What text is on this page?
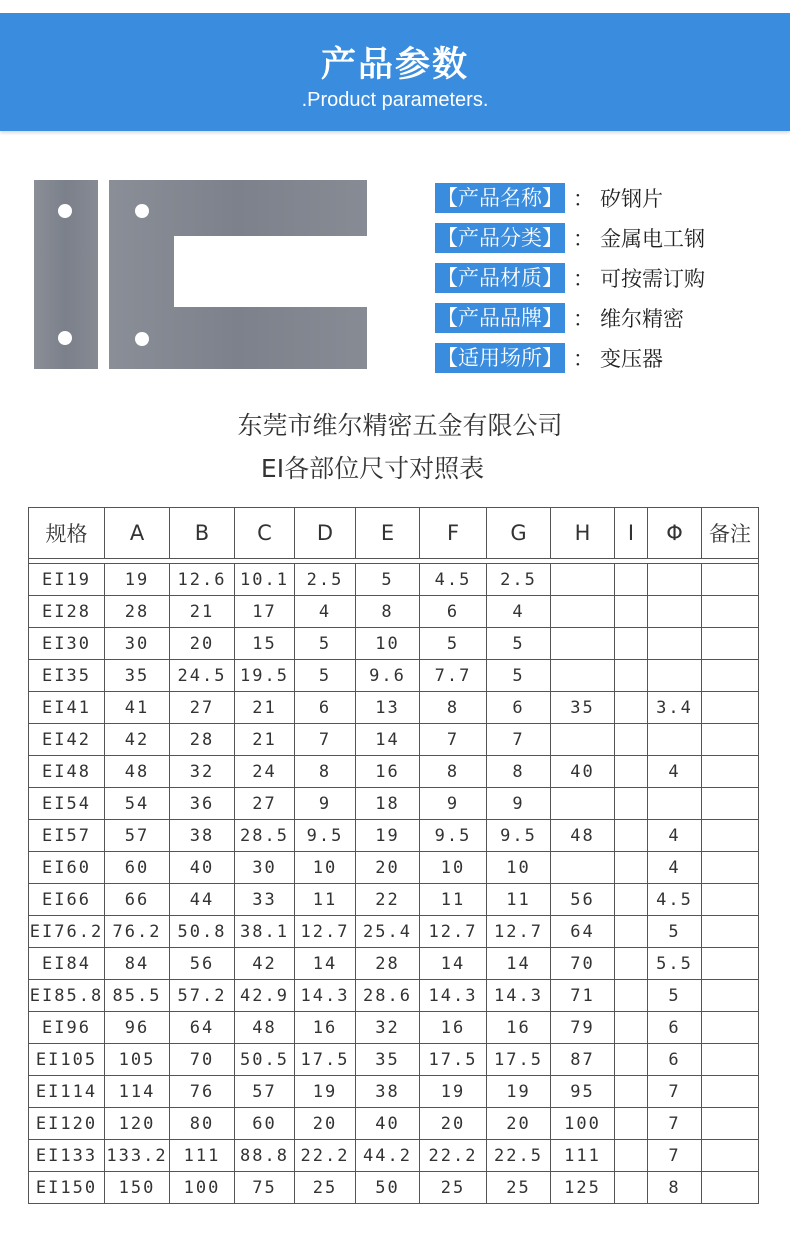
产品参数
.Product parameters.
【产品名称】 ： 矽钢片
【产品分类】 ： 金属电工钢
【产品材质】 ： 可按需订购
【产品品牌】 ： 维尔精密
【适用场所】 ： 变压器
东莞市维尔精密五金有限公司
EI各部位尺寸对照表
规格	A	B	C	D	E	F	G	H	I	Φ	备注

EI19	19	12.6	10.1	2.5	5	4.5	2.5				
EI28	28	21	17	4	8	6	4				
EI30	30	20	15	5	10	5	5				
EI35	35	24.5	19.5	5	9.6	7.7	5				
EI41	41	27	21	6	13	8	6	35		3.4	
EI42	42	28	21	7	14	7	7				
EI48	48	32	24	8	16	8	8	40		4	
EI54	54	36	27	9	18	9	9				
EI57	57	38	28.5	9.5	19	9.5	9.5	48		4	
EI60	60	40	30	10	20	10	10			4	
EI66	66	44	33	11	22	11	11	56		4.5	
EI76.2	76.2	50.8	38.1	12.7	25.4	12.7	12.7	64		5	
EI84	84	56	42	14	28	14	14	70		5.5	
EI85.8	85.5	57.2	42.9	14.3	28.6	14.3	14.3	71		5	
EI96	96	64	48	16	32	16	16	79		6	
EI105	105	70	50.5	17.5	35	17.5	17.5	87		6	
EI114	114	76	57	19	38	19	19	95		7	
EI120	120	80	60	20	40	20	20	100		7	
EI133	133.2	111	88.8	22.2	44.2	22.2	22.5	111		7	
EI150	150	100	75	25	50	25	25	125		8	
